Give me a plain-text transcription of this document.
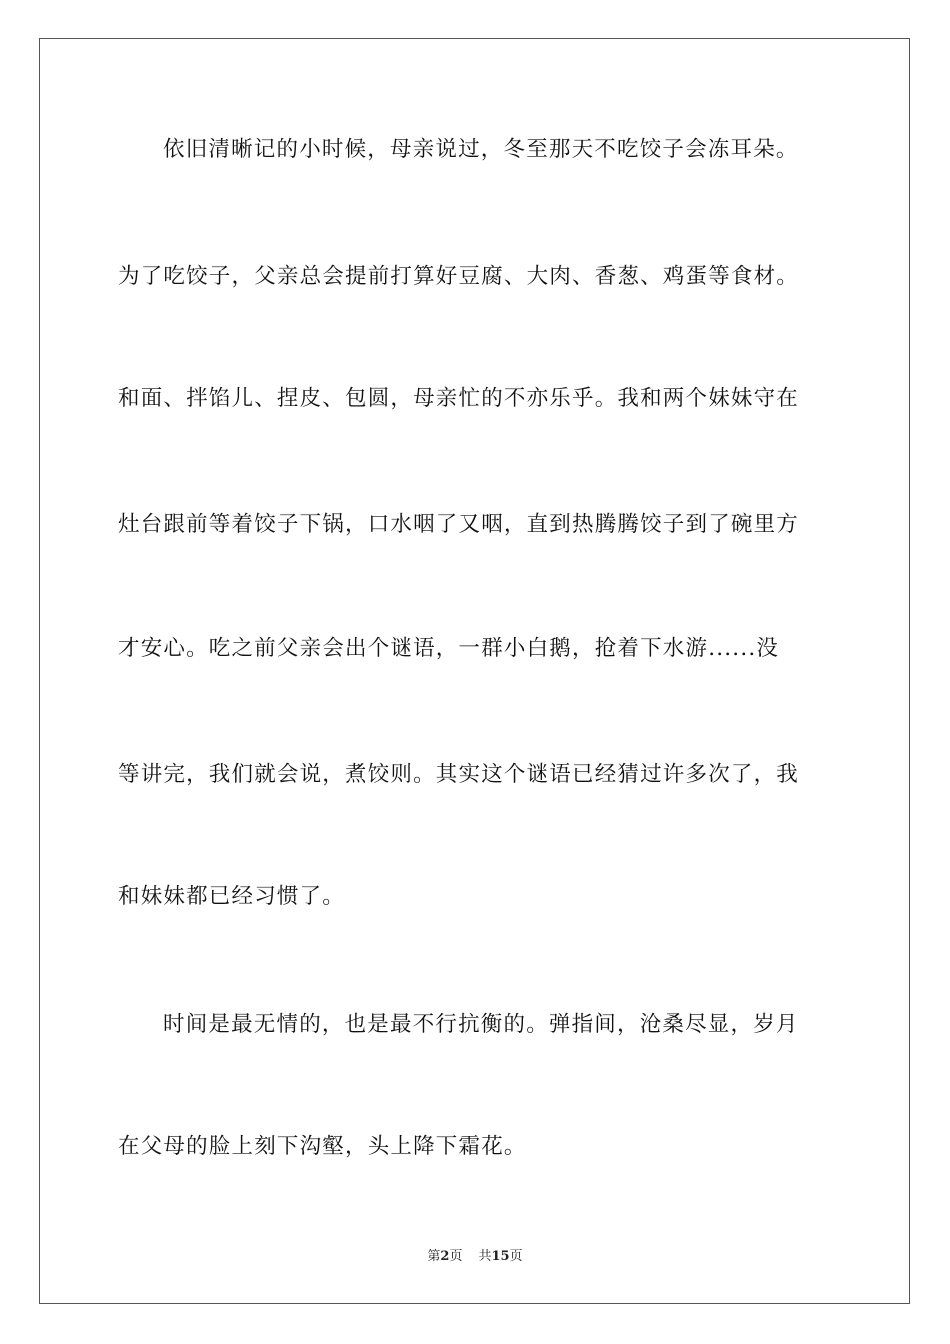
依旧清晰记的小时候，母亲说过，冬至那天不吃饺子会冻耳朵。
为了吃饺子，父亲总会提前打算好豆腐、大肉、香葱、鸡蛋等食材。
和面、拌馅儿、捏皮、包圆，母亲忙的不亦乐乎。我和两个妹妹守在
灶台跟前等着饺子下锅，口水咽了又咽，直到热腾腾饺子到了碗里方
才安心。吃之前父亲会出个谜语，一群小白鹅，抢着下水游......没
等讲完，我们就会说，煮饺则。其实这个谜语已经猜过许多次了，我
和妹妹都已经习惯了。
时间是最无情的，也是最不行抗衡的。弹指间，沧桑尽显，岁月
在父母的脸上刻下沟壑，头上降下霜花。
第2页 共15页
